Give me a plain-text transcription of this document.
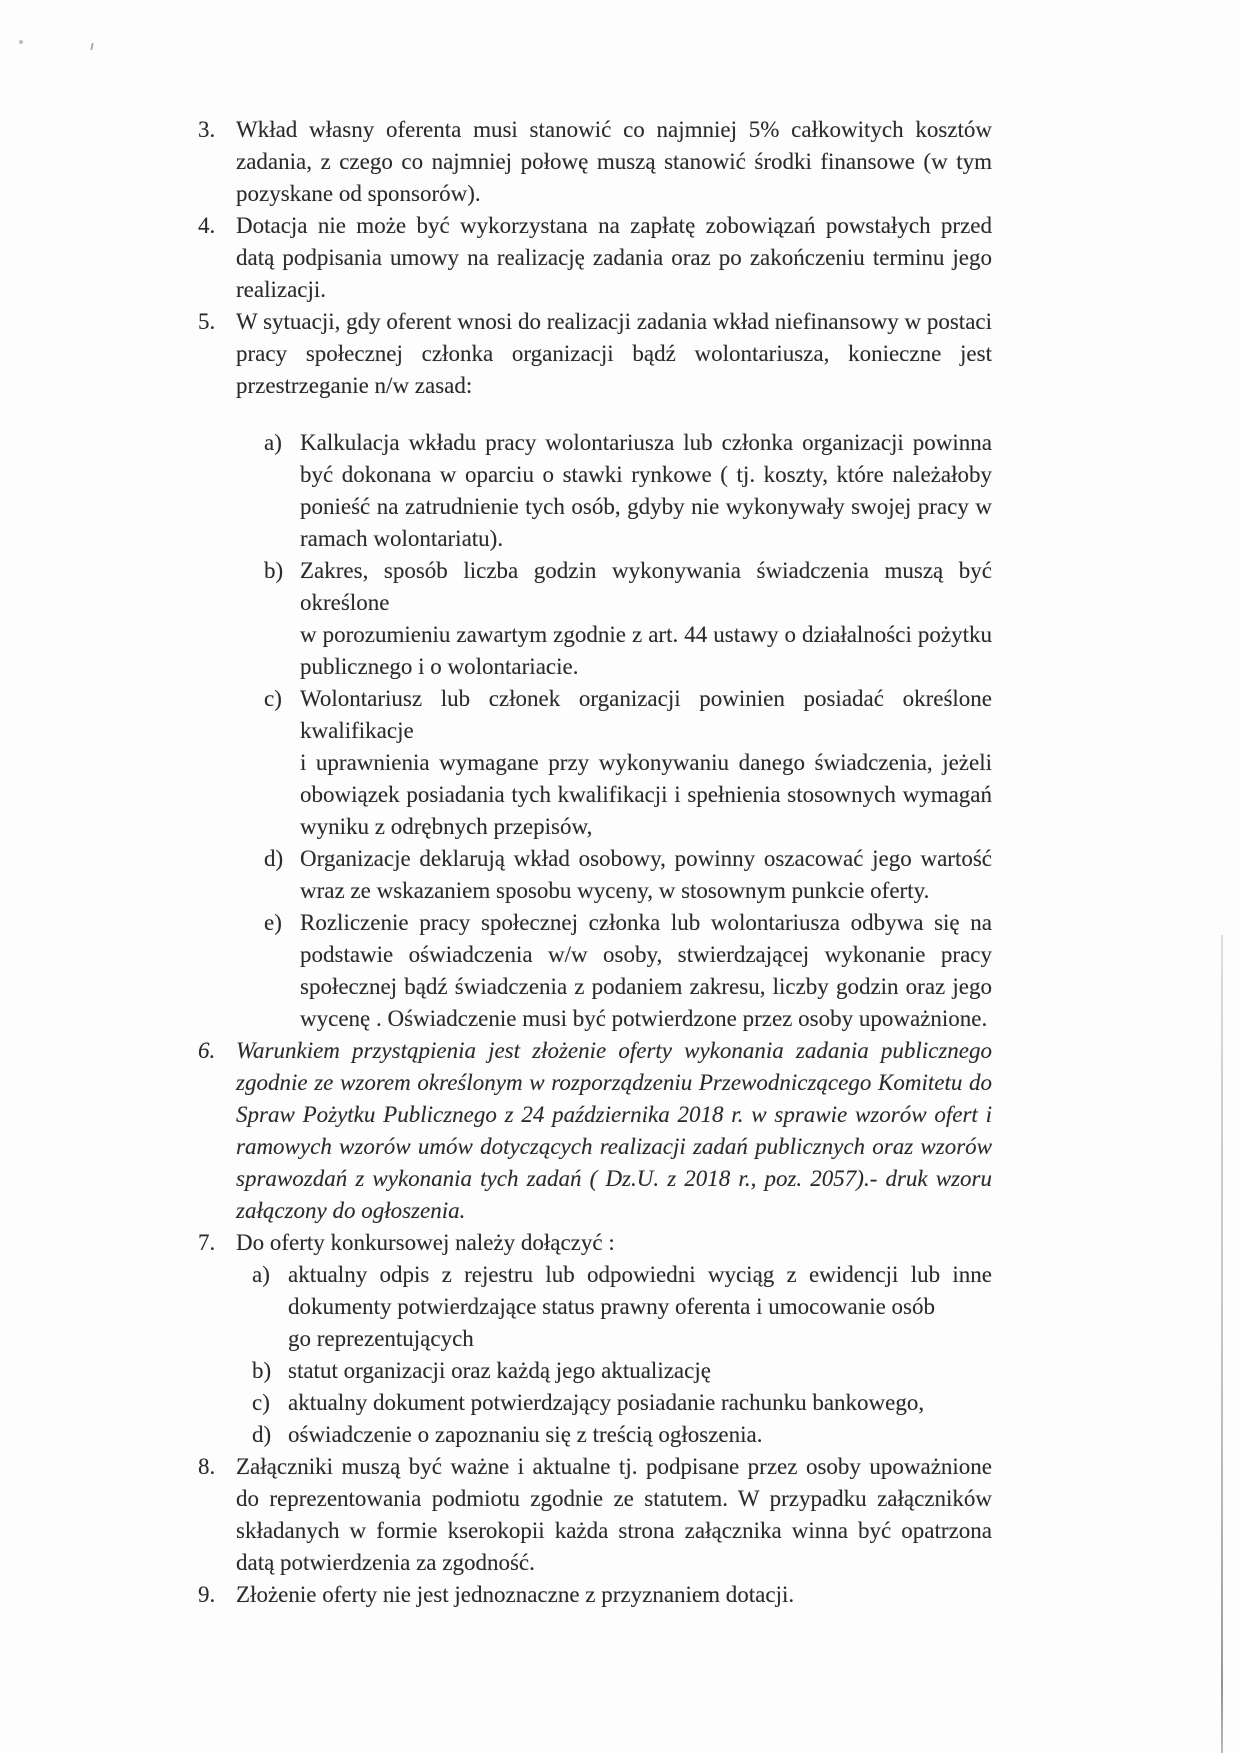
3. Wkład własny oferenta musi stanowić co najmniej 5% całkowitych kosztów zadania, z czego co najmniej połowę muszą stanowić środki finansowe (w tym pozyskane od sponsorów).
4. Dotacja nie może być wykorzystana na zapłatę zobowiązań powstałych przed datą podpisania umowy na realizację zadania oraz po zakończeniu terminu jego realizacji.
5. W sytuacji, gdy oferent wnosi do realizacji zadania wkład niefinansowy w postaci pracy społecznej członka organizacji bądź wolontariusza, konieczne jest przestrzeganie n/w zasad:
a) Kalkulacja wkładu pracy wolontariusza lub członka organizacji powinna być dokonana w oparciu o stawki rynkowe ( tj. koszty, które należałoby ponieść na zatrudnienie tych osób, gdyby nie wykonywały swojej pracy w ramach wolontariatu).
b) Zakres, sposób liczba godzin wykonywania świadczenia muszą być określone
w porozumieniu zawartym zgodnie z art. 44 ustawy o działalności pożytku publicznego i o wolontariacie.
c) Wolontariusz lub członek organizacji powinien posiadać określone kwalifikacje
i uprawnienia wymagane przy wykonywaniu danego świadczenia, jeżeli obowiązek posiadania tych kwalifikacji i spełnienia stosownych wymagań wyniku z odrębnych przepisów,
d) Organizacje deklarują wkład osobowy, powinny oszacować jego wartość wraz ze wskazaniem sposobu wyceny, w stosownym punkcie oferty.
e) Rozliczenie pracy społecznej członka lub wolontariusza odbywa się na podstawie oświadczenia w/w osoby, stwierdzającej wykonanie pracy społecznej bądź świadczenia z podaniem zakresu, liczby godzin oraz jego wycenę . Oświadczenie musi być potwierdzone przez osoby upoważnione.
6. Warunkiem przystąpienia jest złożenie oferty wykonania zadania publicznego zgodnie ze wzorem określonym w rozporządzeniu Przewodniczącego Komitetu do Spraw Pożytku Publicznego z 24 października 2018 r. w sprawie wzorów ofert i ramowych wzorów umów dotyczących realizacji zadań publicznych oraz wzorów sprawozdań z wykonania tych zadań ( Dz.U. z 2018 r., poz. 2057).- druk wzoru załączony do ogłoszenia.
7. Do oferty konkursowej należy dołączyć :
a) aktualny odpis z rejestru lub odpowiedni wyciąg z ewidencji lub inne dokumenty potwierdzające status prawny oferenta i umocowanie osób
go reprezentujących
b) statut organizacji oraz każdą jego aktualizację
c) aktualny dokument potwierdzający posiadanie rachunku bankowego,
d) oświadczenie o zapoznaniu się z treścią ogłoszenia.
8. Załączniki muszą być ważne i aktualne tj. podpisane przez osoby upoważnione do reprezentowania podmiotu zgodnie ze statutem. W przypadku załączników składanych w formie kserokopii każda strona załącznika winna być opatrzona datą potwierdzenia za zgodność.
9. Złożenie oferty nie jest jednoznaczne z przyznaniem dotacji.
